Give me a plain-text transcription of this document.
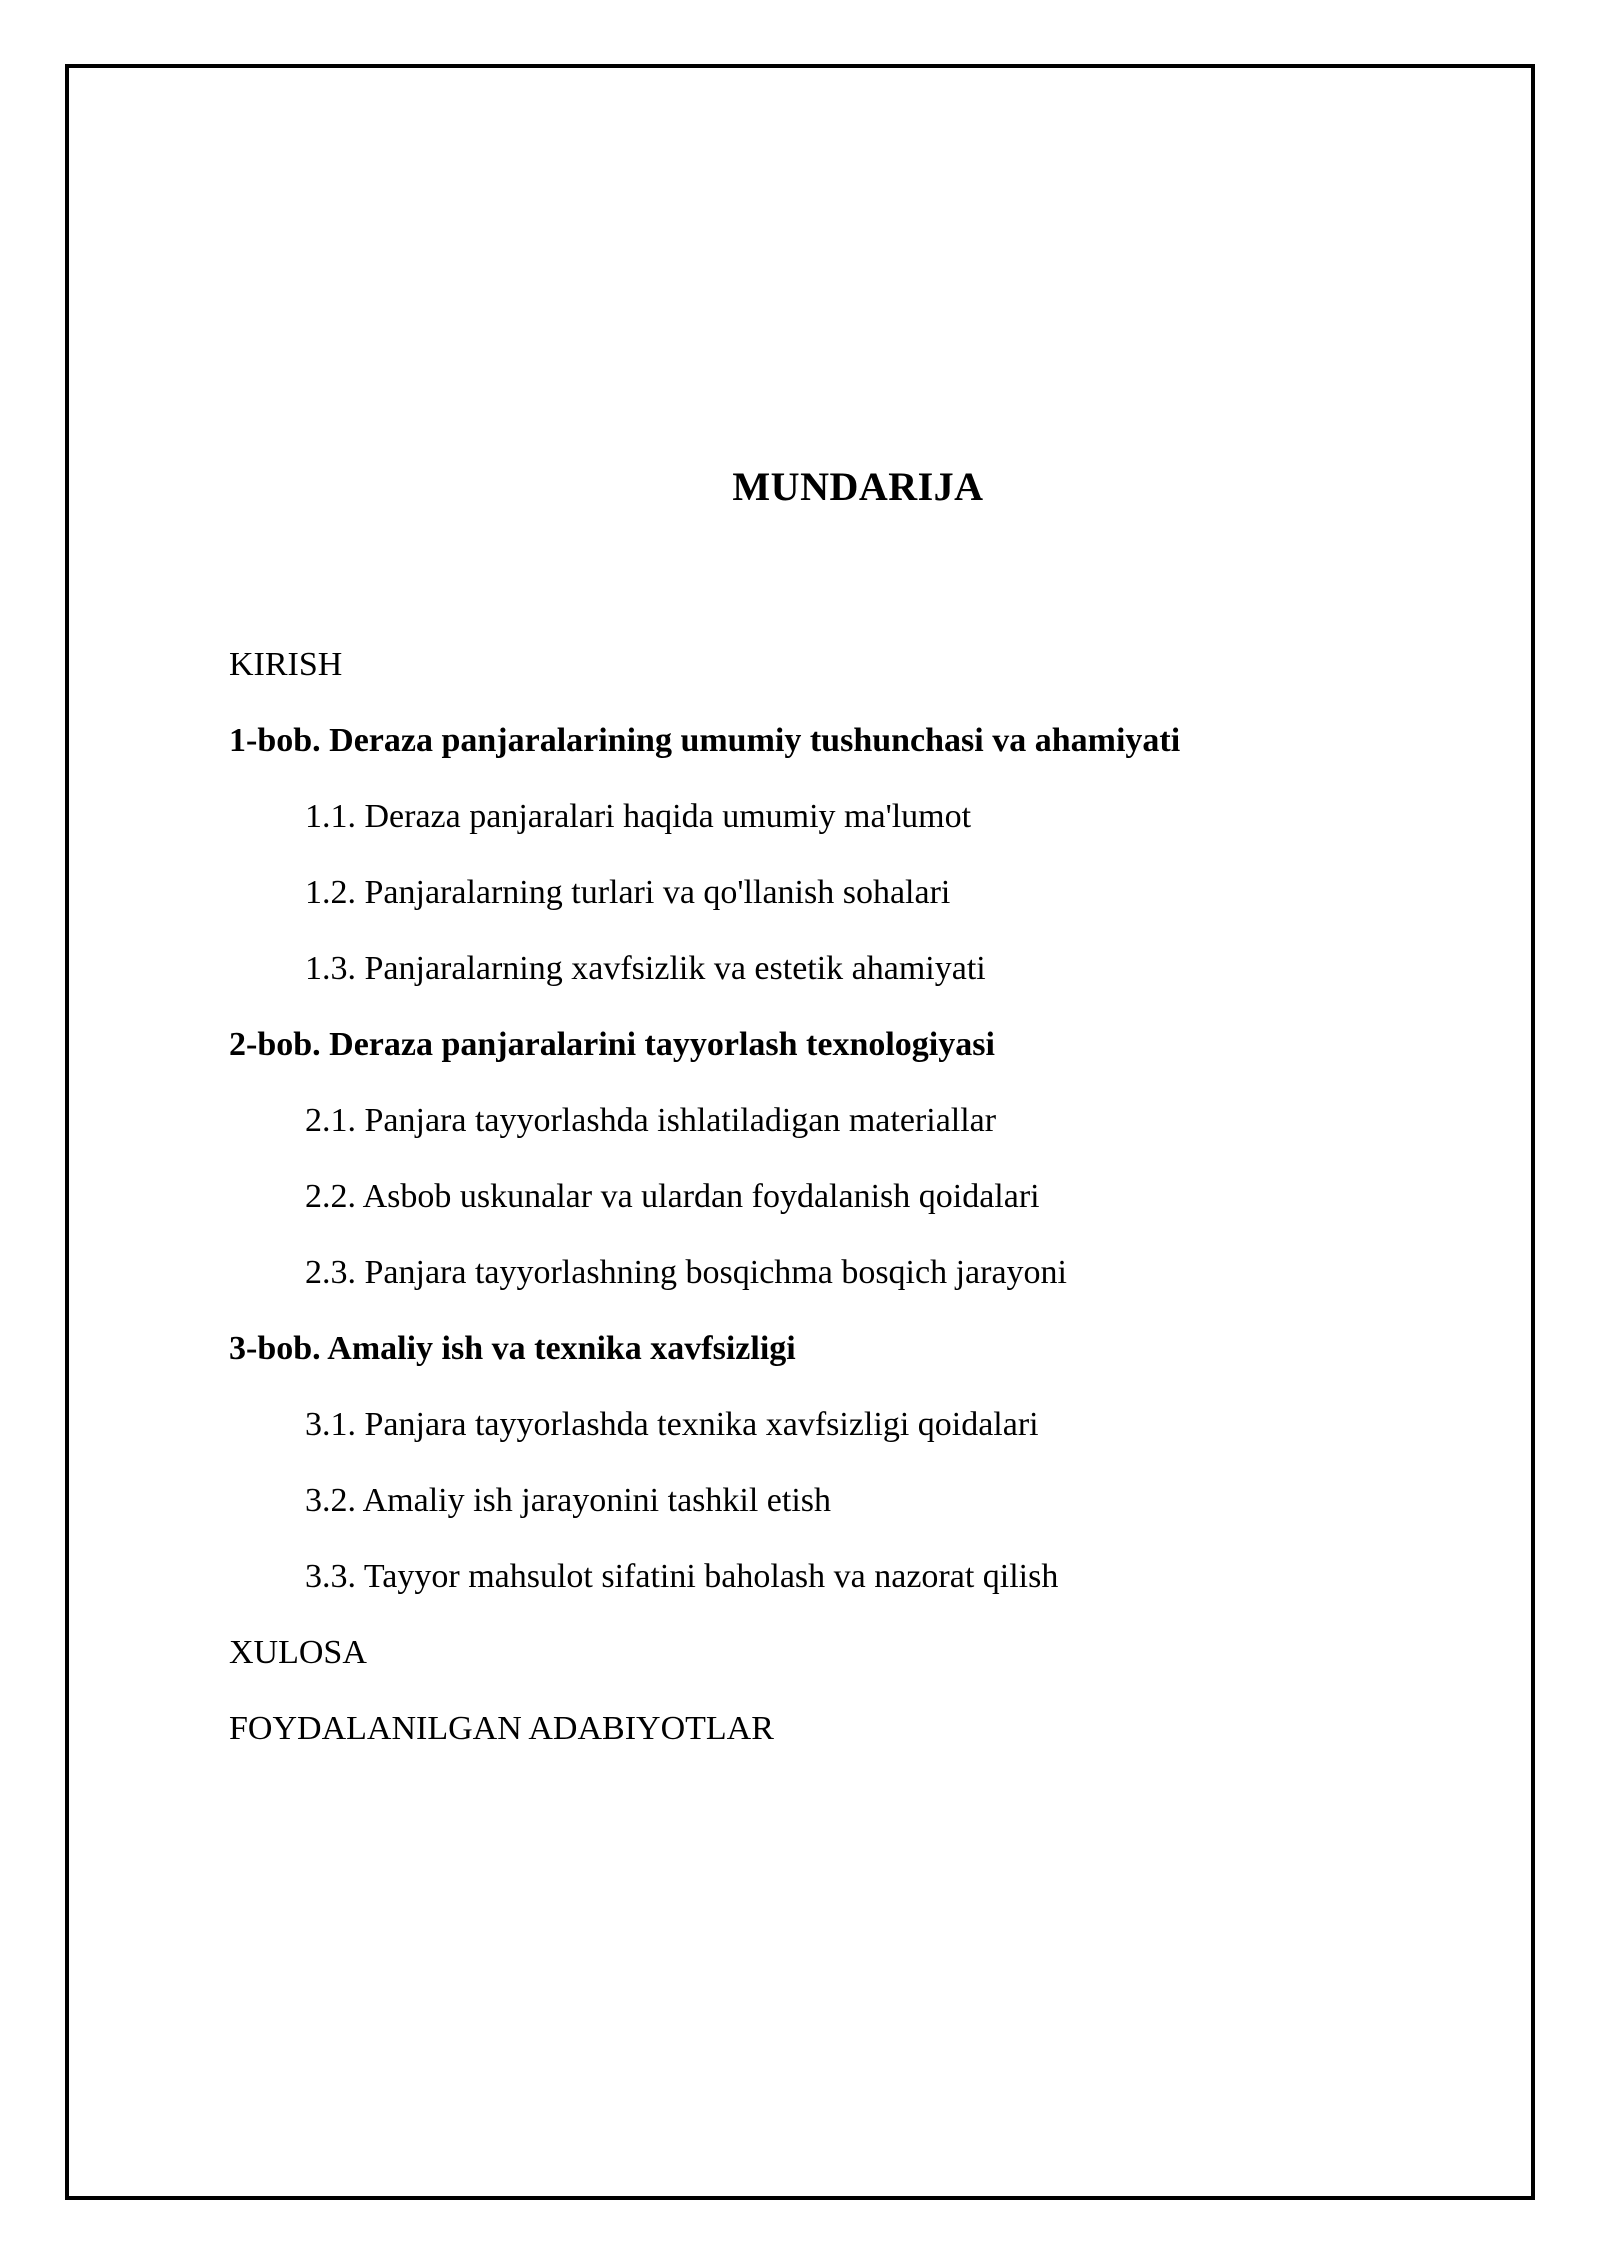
MUNDARIJA
KIRISH
1-bob. Deraza panjaralarining umumiy tushunchasi va ahamiyati
1.1. Deraza panjaralari haqida umumiy ma'lumot
1.2. Panjaralarning turlari va qo'llanish sohalari
1.3. Panjaralarning xavfsizlik va estetik ahamiyati
2-bob. Deraza panjaralarini tayyorlash texnologiyasi
2.1. Panjara tayyorlashda ishlatiladigan materiallar
2.2. Asbob uskunalar va ulardan foydalanish qoidalari
2.3. Panjara tayyorlashning bosqichma bosqich jarayoni
3-bob. Amaliy ish va texnika xavfsizligi
3.1. Panjara tayyorlashda texnika xavfsizligi qoidalari
3.2. Amaliy ish jarayonini tashkil etish
3.3. Tayyor mahsulot sifatini baholash va nazorat qilish
XULOSA
FOYDALANILGAN ADABIYOTLAR
